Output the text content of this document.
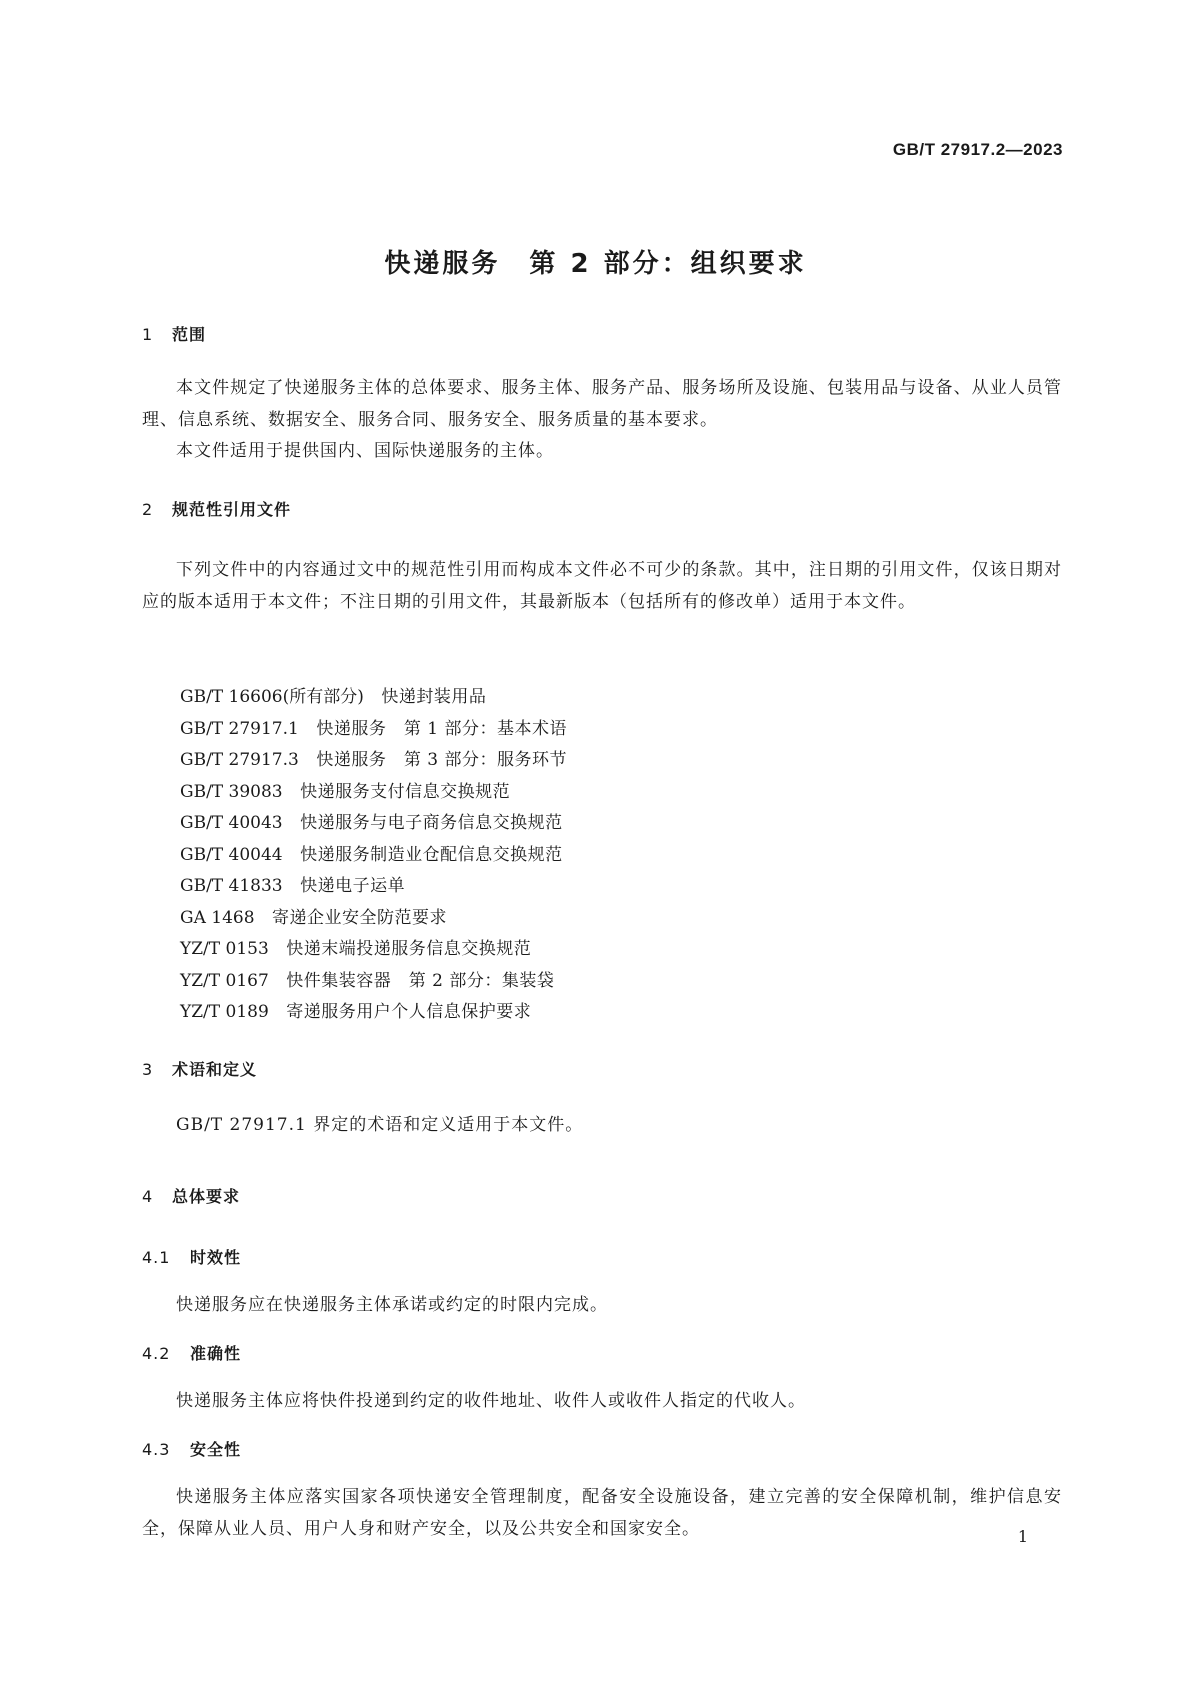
GB/T 27917.2—2023
快递服务　第 2 部分：组织要求
1 范围
本文件规定了快递服务主体的总体要求、服务主体、服务产品、服务场所及设施、包装用品与设备、从业人员管理、信息系统、数据安全、服务合同、服务安全、服务质量的基本要求。
本文件适用于提供国内、国际快递服务的主体。
2 规范性引用文件
下列文件中的内容通过文中的规范性引用而构成本文件必不可少的条款。其中，注日期的引用文件，仅该日期对应的版本适用于本文件；不注日期的引用文件，其最新版本（包括所有的修改单）适用于本文件。
GB/T 16606(所有部分)　 快递封装用品
GB/T 27917.1　 快递服务　第 1 部分：基本术语
GB/T 27917.3　 快递服务　第 3 部分：服务环节
GB/T 39083　 快递服务支付信息交换规范
GB/T 40043　 快递服务与电子商务信息交换规范
GB/T 40044　 快递服务制造业仓配信息交换规范
GB/T 41833　 快递电子运单
GA 1468　 寄递企业安全防范要求
YZ/T 0153　 快递末端投递服务信息交换规范
YZ/T 0167　 快件集装容器　第 2 部分：集装袋
YZ/T 0189　 寄递服务用户个人信息保护要求
3 术语和定义
GB/T 27917.1 界定的术语和定义适用于本文件。
4 总体要求
4.1 时效性
快递服务应在快递服务主体承诺或约定的时限内完成。
4.2 准确性
快递服务主体应将快件投递到约定的收件地址、收件人或收件人指定的代收人。
4.3 安全性
快递服务主体应落实国家各项快递安全管理制度，配备安全设施设备，建立完善的安全保障机制，维护信息安全，保障从业人员、用户人身和财产安全，以及公共安全和国家安全。	1
